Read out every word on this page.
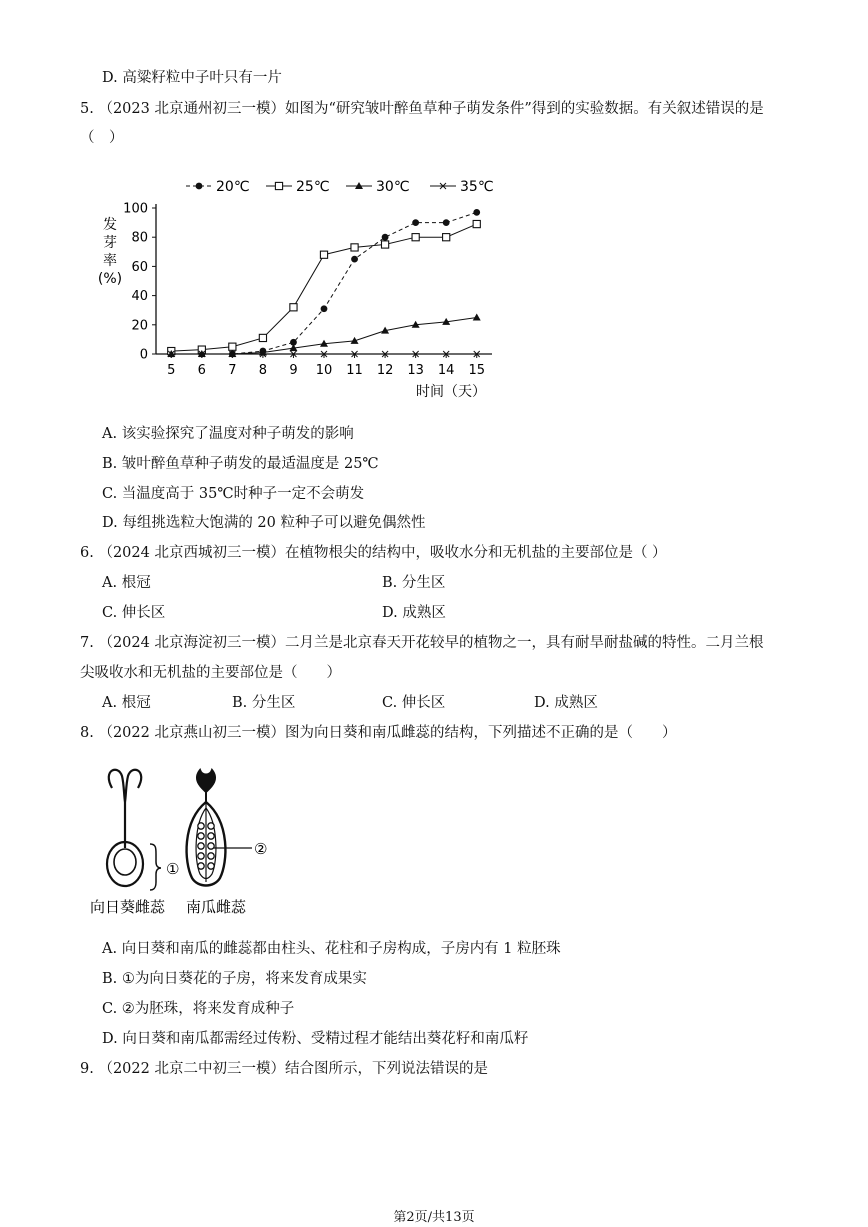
D. 高粱籽粒中子叶只有一片
5. （2023 北京通州初三一模）如图为“研究皱叶醉鱼草种子萌发条件”得到的实验数据。有关叙述错误的是
（　）
20℃	25℃	30℃	35℃
发
芽
率
(%)
0
20
40
60
80
100
5 6 7 8 9 10 11 12 13 14 15
时间（天）
A. 该实验探究了温度对种子萌发的影响
B. 皱叶醉鱼草种子萌发的最适温度是 25℃
C. 当温度高于 35℃时种子一定不会萌发
D. 每组挑选粒大饱满的 20 粒种子可以避免偶然性
6. （2024 北京西城初三一模）在植物根尖的结构中，吸收水分和无机盐的主要部位是（ ）
A. 根冠	B. 分生区
C. 伸长区	D. 成熟区
7. （2024 北京海淀初三一模）二月兰是北京春天开花较早的植物之一，具有耐旱耐盐碱的特性。二月兰根
尖吸收水和无机盐的主要部位是（　　）
A. 根冠	B. 分生区	C. 伸长区	D. 成熟区
8. （2022 北京燕山初三一模）图为向日葵和南瓜雌蕊的结构，下列描述不正确的是（　　）
①
②
向日葵雌蕊 南瓜雌蕊
A. 向日葵和南瓜的雌蕊都由柱头、花柱和子房构成，子房内有 1 粒胚珠
B. ①为向日葵花的子房，将来发育成果实
C. ②为胚珠，将来发育成种子
D. 向日葵和南瓜都需经过传粉、受精过程才能结出葵花籽和南瓜籽
9. （2022 北京二中初三一模）结合图所示，下列说法错误的是
第2页/共13页
